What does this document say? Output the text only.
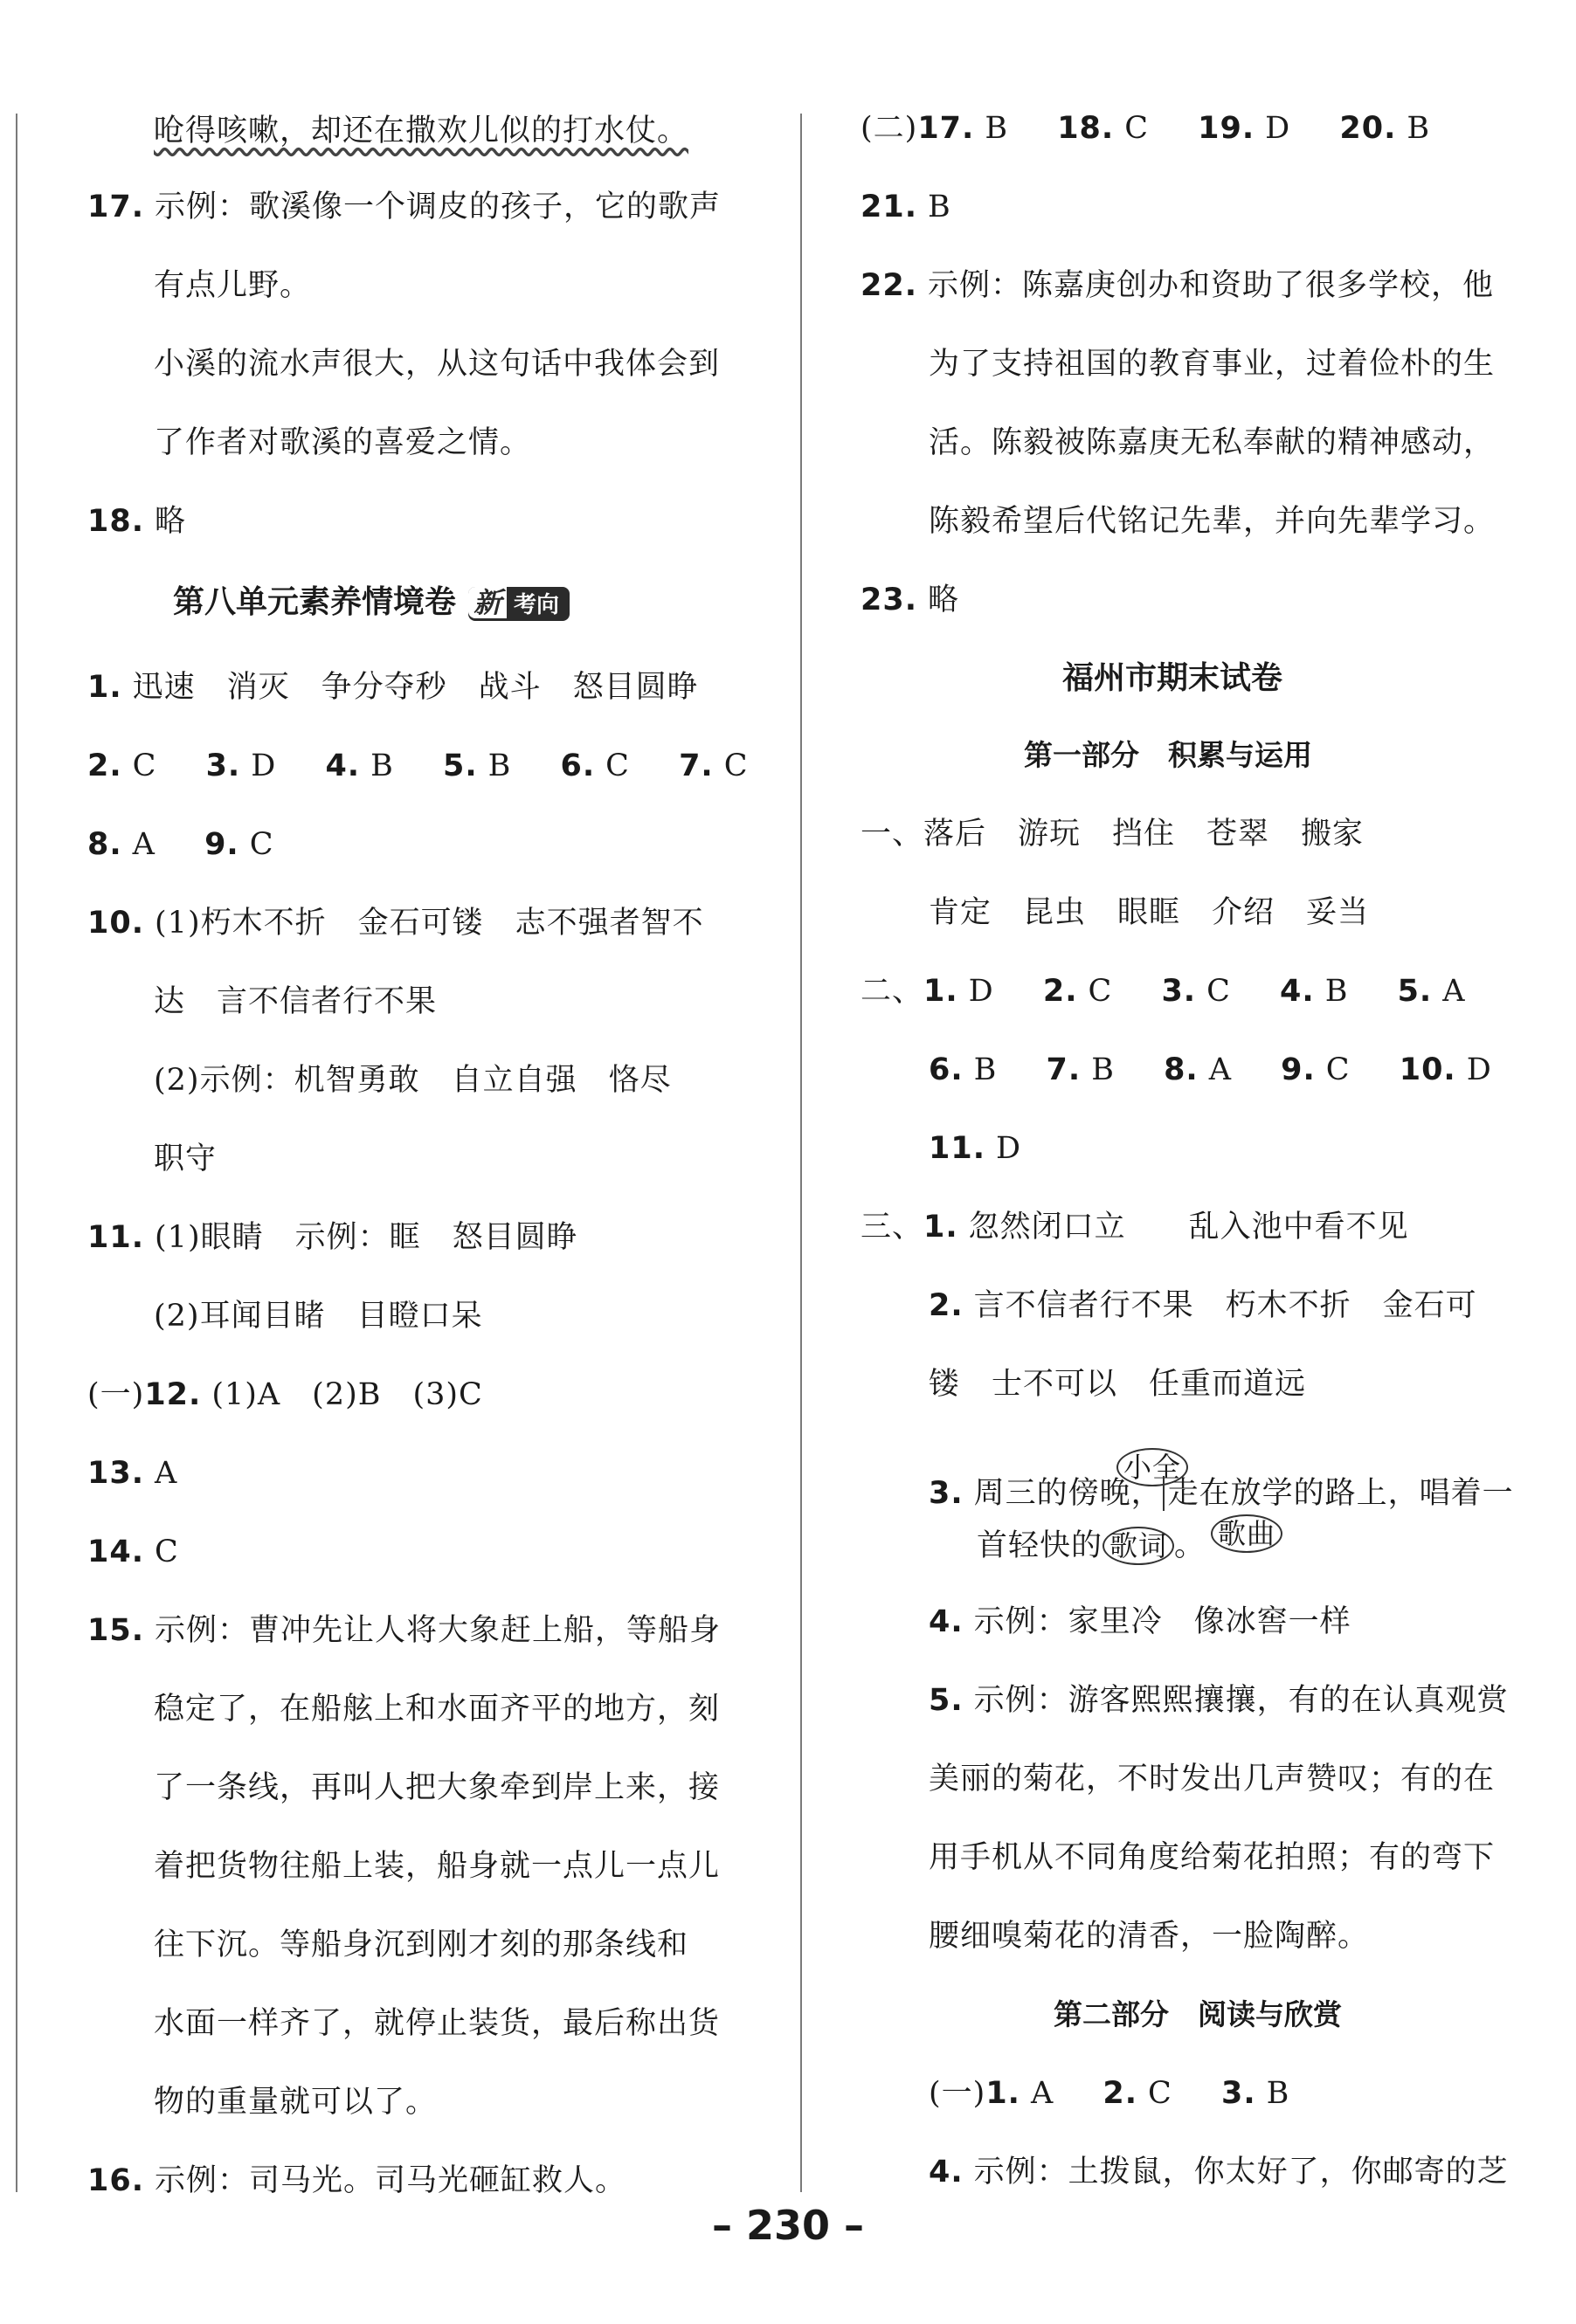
呛得咳嗽，却还在撒欢儿似的打水仗。
17. 示例：歌溪像一个调皮的孩子，它的歌声
有点儿野。
小溪的流水声很大，从这句话中我体会到
了作者对歌溪的喜爱之情。
18. 略
第八单元素养情境卷 新 考向
1. 迅速　消灭　争分夺秒　战斗　怒目圆睁
2. C 3. D 4. B 5. B 6. C 7. C
8. A 9. C
10. (1)朽木不折　金石可镂　志不强者智不
达　言不信者行不果
(2)示例：机智勇敢　自立自强　恪尽
职守
11. (1)眼睛　示例：眶　怒目圆睁
(2)耳闻目睹　目瞪口呆
(一)12. (1)A　(2)B　(3)C
13. A
14. C
15. 示例：曹冲先让人将大象赶上船，等船身
稳定了，在船舷上和水面齐平的地方，刻
了一条线，再叫人把大象牵到岸上来，接
着把货物往船上装，船身就一点儿一点儿
往下沉。等船身沉到刚才刻的那条线和
水面一样齐了，就停止装货，最后称出货
物的重量就可以了。
16. 示例：司马光。司马光砸缸救人。
(二)17. B 18. C 19. D 20. B
21. B
22. 示例：陈嘉庚创办和资助了很多学校，他
为了支持祖国的教育事业，过着俭朴的生
活。陈毅被陈嘉庚无私奉献的精神感动，
陈毅希望后代铭记先辈，并向先辈学习。
23. 略
福州市期末试卷
第一部分　积累与运用
一、落后　游玩　挡住　苍翠　搬家
肯定　昆虫　眼眶　介绍　妥当
二、1. D 2. C 3. C 4. B 5. A
6. B 7. B 8. A 9. C 10. D
11. D
三、1. 忽然闭口立　　乱入池中看不见
2. 言不信者行不果　朽木不折　金石可
镂　士不可以　任重而道远
小全
3. 周三的傍晚， 走在放学的路上，唱着一
首轻快的 歌词 。 歌曲
4. 示例：家里冷　像冰窖一样
5. 示例：游客熙熙攘攘，有的在认真观赏
美丽的菊花，不时发出几声赞叹；有的在
用手机从不同角度给菊花拍照；有的弯下
腰细嗅菊花的清香，一脸陶醉。
第二部分　阅读与欣赏
(一)1. A 2. C 3. B
4. 示例：土拨鼠，你太好了，你邮寄的芝
– 230 –
